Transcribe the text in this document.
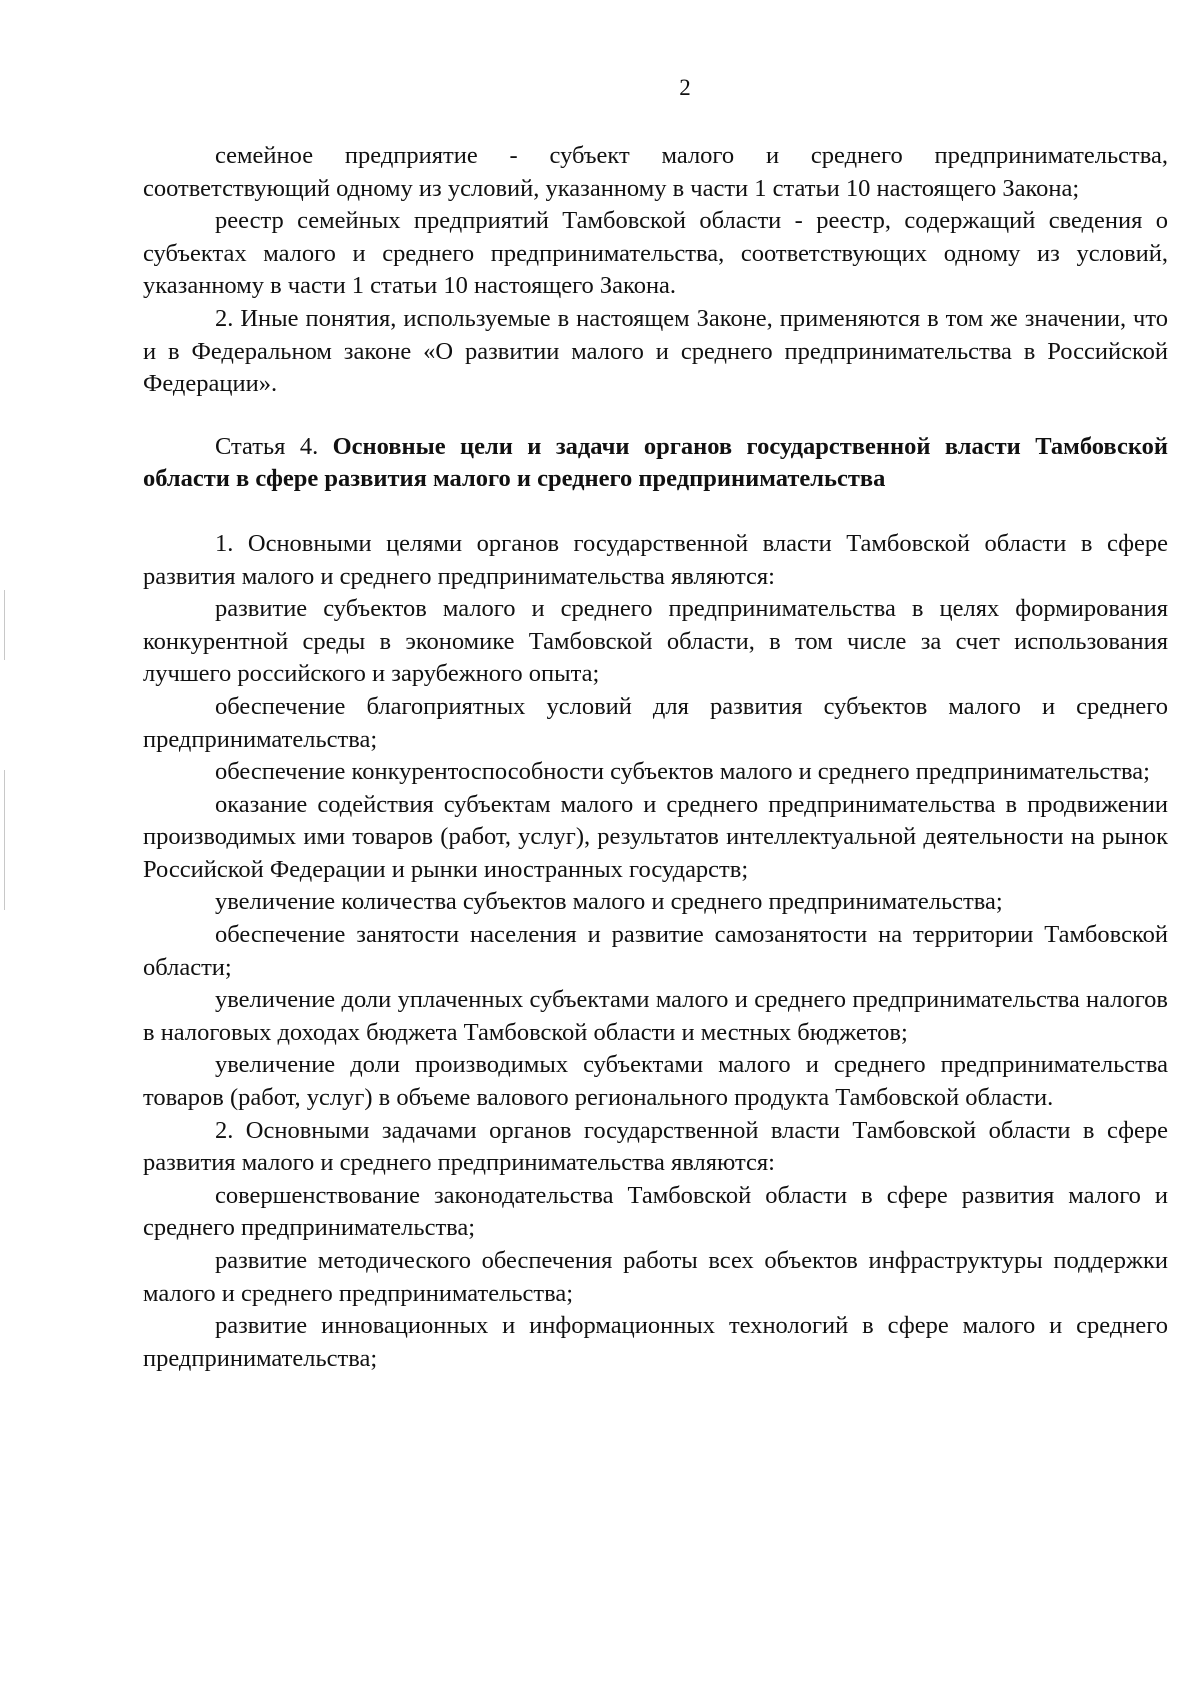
2

семейное предприятие - субъект малого и среднего предпринимательства, соответствующий одному из условий, указанному в части 1 статьи 10 настоящего Закона;

реестр семейных предприятий Тамбовской области - реестр, содержащий сведения о субъектах малого и среднего предпринимательства, соответствующих одному из условий, указанному в части 1 статьи 10 настоящего Закона.

2. Иные понятия, используемые в настоящем Законе, применяются в том же значении, что и в Федеральном законе «О развитии малого и среднего предпринимательства в Российской Федерации».

Статья 4. Основные цели и задачи органов государственной власти Тамбовской области в сфере развития малого и среднего предпринимательства

1. Основными целями органов государственной власти Тамбовской области в сфере развития малого и среднего предпринимательства являются:

развитие субъектов малого и среднего предпринимательства в целях формирования конкурентной среды в экономике Тамбовской области, в том числе за счет использования лучшего российского и зарубежного опыта;

обеспечение благоприятных условий для развития субъектов малого и среднего предпринимательства;

обеспечение конкурентоспособности субъектов малого и среднего предпринимательства;

оказание содействия субъектам малого и среднего предпринимательства в продвижении производимых ими товаров (работ, услуг), результатов интеллектуальной деятельности на рынок Российской Федерации и рынки иностранных государств;

увеличение количества субъектов малого и среднего предпринимательства;

обеспечение занятости населения и развитие самозанятости на территории Тамбовской области;

увеличение доли уплаченных субъектами малого и среднего предпринимательства налогов в налоговых доходах бюджета Тамбовской области и местных бюджетов;

увеличение доли производимых субъектами малого и среднего предпринимательства товаров (работ, услуг) в объеме валового регионального продукта Тамбовской области.

2. Основными задачами органов государственной власти Тамбовской области в сфере развития малого и среднего предпринимательства являются:

совершенствование законодательства Тамбовской области в сфере развития малого и среднего предпринимательства;

развитие методического обеспечения работы всех объектов инфраструктуры поддержки малого и среднего предпринимательства;

развитие инновационных и информационных технологий в сфере малого и среднего предпринимательства;
